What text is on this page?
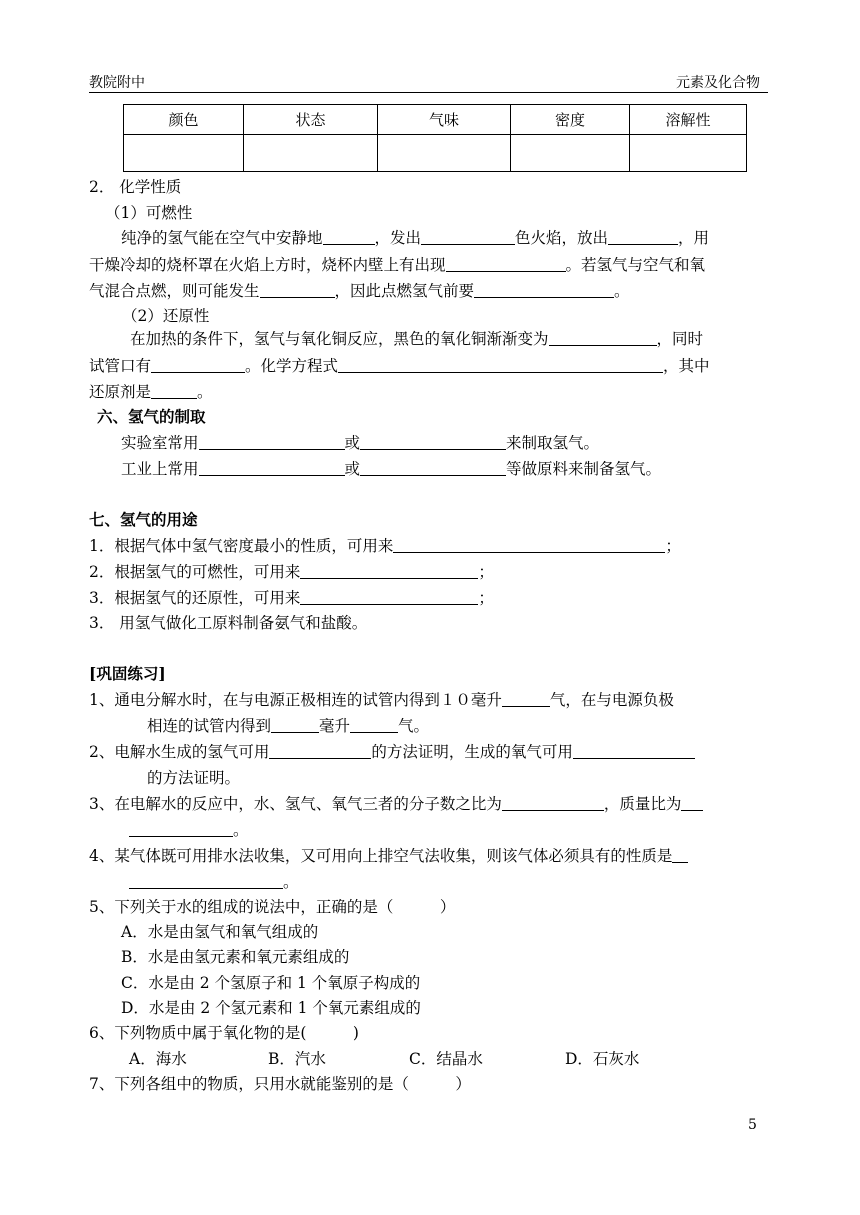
教院附中	元素及化合物
颜色	状态	气味	密度	溶解性

2． 化学性质
（1）可燃性
纯净的氢气能在空气中安静地	，发出	色火焰，放出	，用
干燥冷却的烧杯罩在火焰上方时，烧杯内壁上有出现	。若氢气与空气和氧
气混合点燃，则可能发生	，因此点燃氢气前要	。
（2）还原性
在加热的条件下，氢气与氧化铜反应，黑色的氧化铜渐渐变为	，同时
试管口有	。化学方程式	，其中
还原剂是	。
六、氢气的制取
实验室常用	或	来制取氢气。
工业上常用	或	等做原料来制备氢气。
七、氢气的用途
1．根据气体中氢气密度最小的性质，可用来	；
2．根据氢气的可燃性，可用来	；
3．根据氢气的还原性，可用来	；
3． 用氢气做化工原料制备氨气和盐酸。
[巩固练习]
1、通电分解水时，在与电源正极相连的试管内得到１０毫升	气，在与电源负极
相连的试管内得到	毫升	气。
2、电解水生成的氢气可用	的方法证明，生成的氧气可用
的方法证明。
3、在电解水的反应中，水、氢气、氧气三者的分子数之比为	，质量比为
。
4、某气体既可用排水法收集，又可用向上排空气法收集，则该气体必须具有的性质是
。
5、下列关于水的组成的说法中，正确的是（　　　）
A．水是由氢气和氧气组成的
B．水是由氢元素和氧元素组成的
C．水是由 2 个氢原子和 1 个氧原子构成的
D．水是由 2 个氢元素和 1 个氧元素组成的
6、下列物质中属于氧化物的是(　　　)
A．海水	B．汽水	C．结晶水	D．石灰水
7、下列各组中的物质，只用水就能鉴别的是（　　　）
5
